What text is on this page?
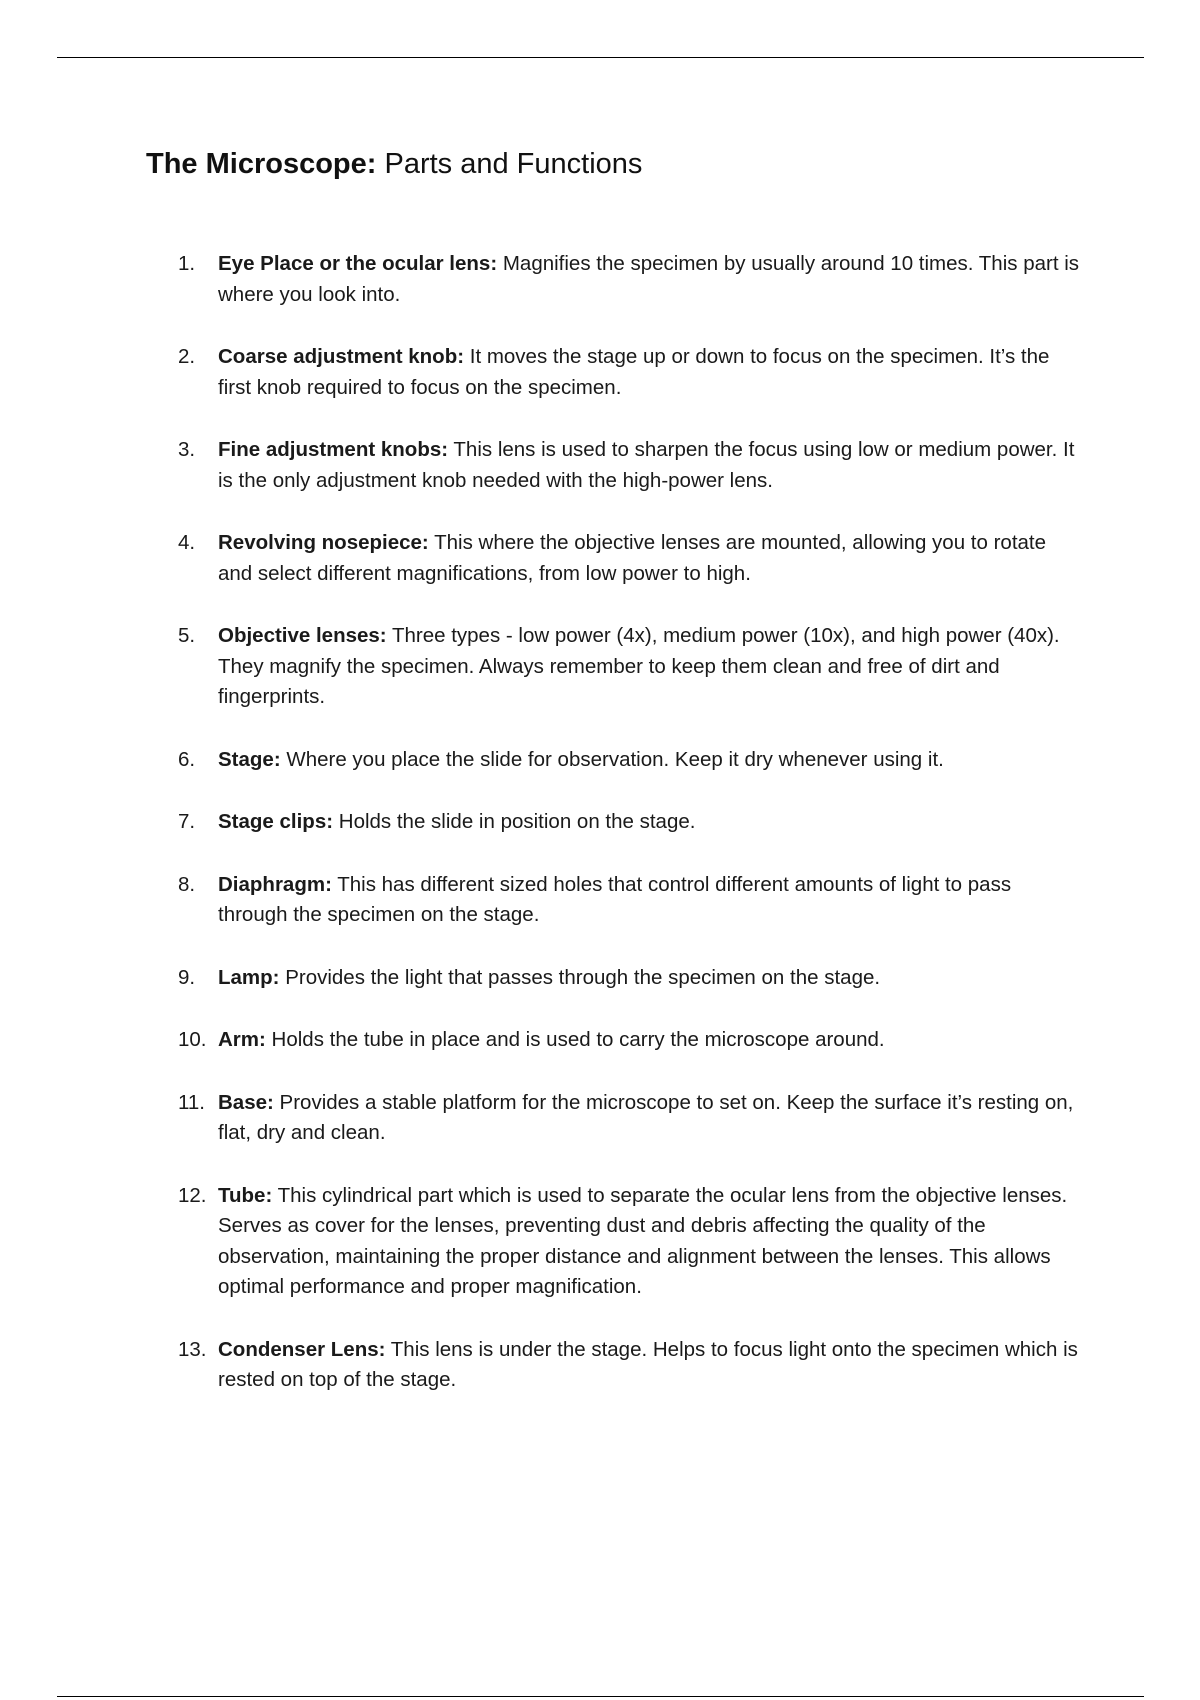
The Microscope: Parts and Functions
1.	Eye Place or the ocular lens: Magnifies the specimen by usually around 10 times. This part is where you look into.
2.	Coarse adjustment knob: It moves the stage up or down to focus on the specimen. It’s the first knob required to focus on the specimen.
3.	Fine adjustment knobs: This lens is used to sharpen the focus using low or medium power. It is the only adjustment knob needed with the high-power lens.
4.	Revolving nosepiece: This where the objective lenses are mounted, allowing you to rotate and select different magnifications, from low power to high.
5.	Objective lenses: Three types - low power (4x), medium power (10x), and high power (40x). They magnify the specimen. Always remember to keep them clean and free of dirt and fingerprints.
6.	Stage: Where you place the slide for observation. Keep it dry whenever using it.
7.	Stage clips: Holds the slide in position on the stage.
8.	Diaphragm: This has different sized holes that control different amounts of light to pass through the specimen on the stage.
9.	Lamp: Provides the light that passes through the specimen on the stage.
10. Arm: Holds the tube in place and is used to carry the microscope around.
11. Base: Provides a stable platform for the microscope to set on. Keep the surface it’s resting on, flat, dry and clean.
12. Tube: This cylindrical part which is used to separate the ocular lens from the objective lenses. Serves as cover for the lenses, preventing dust and debris affecting the quality of the observation, maintaining the proper distance and alignment between the lenses. This allows optimal performance and proper magnification.
13. Condenser Lens: This lens is under the stage. Helps to focus light onto the specimen which is rested on top of the stage.
